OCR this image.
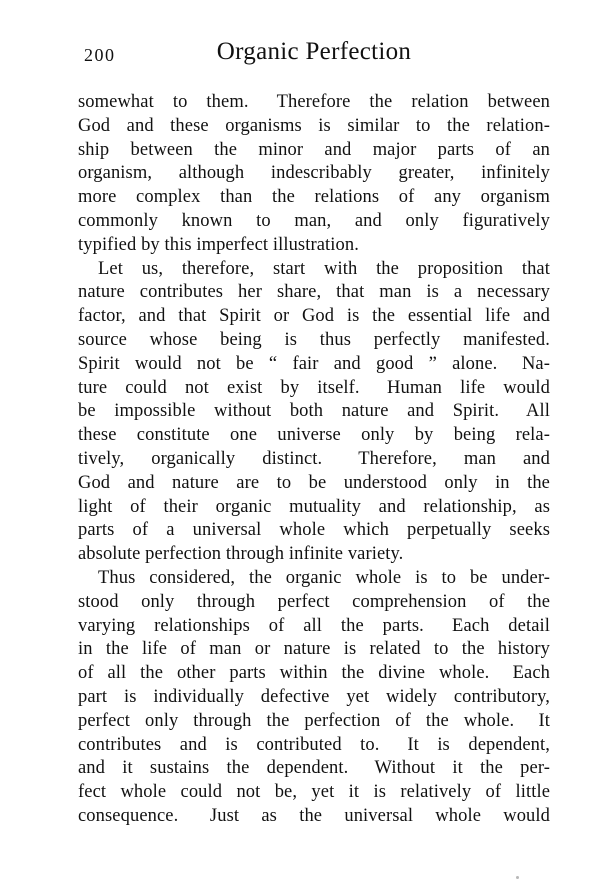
200	Organic Perfection
somewhat to them.  Therefore the relation between
God and these organisms is similar to the relation-
ship between the minor and major parts of an
organism, although indescribably greater, infinitely
more complex than the relations of any organism
commonly known to man, and only figuratively
typified by this imperfect illustration.
Let us, therefore, start with the proposition that
nature contributes her share, that man is a necessary
factor, and that Spirit or God is the essential life and
source whose being is thus perfectly manifested.
Spirit would not be “ fair and good ” alone.  Na-
ture could not exist by itself.  Human life would
be impossible without both nature and Spirit.  All
these constitute one universe only by being rela-
tively, organically distinct.  Therefore, man and
God and nature are to be understood only in the
light of their organic mutuality and relationship, as
parts of a universal whole which perpetually seeks
absolute perfection through infinite variety.
Thus considered, the organic whole is to be under-
stood only through perfect comprehension of the
varying relationships of all the parts.  Each detail
in the life of man or nature is related to the history
of all the other parts within the divine whole.  Each
part is individually defective yet widely contributory,
perfect only through the perfection of the whole.  It
contributes and is contributed to.  It is dependent,
and it sustains the dependent.  Without it the per-
fect whole could not be, yet it is relatively of little
consequence.  Just as the universal whole would
